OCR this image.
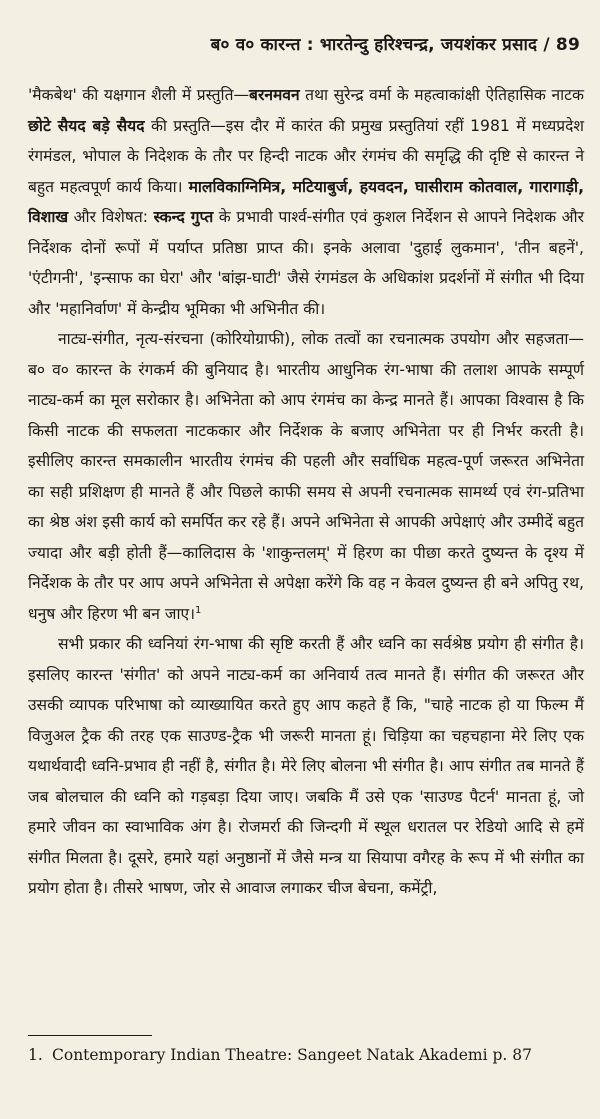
ब० व० कारन्त : भारतेन्दु हरिश्चन्द्र, जयशंकर प्रसाद / 89

'मैकबेथ' की यक्षगान शैली में प्रस्तुति—बरनमवन तथा सुरेन्द्र वर्मा के महत्वाकांक्षी ऐतिहासिक नाटक छोटे सैयद बड़े सैयद की प्रस्तुति—इस दौर में कारंत की प्रमुख प्रस्तुतियां रहीं 1981 में मध्यप्रदेश रंगमंडल, भोपाल के निदेशक के तौर पर हिन्दी नाटक और रंगमंच की समृद्धि की दृष्टि से कारन्त ने बहुत महत्वपूर्ण कार्य किया। मालविकाग्निमित्र, मटियाबुर्ज, हयवदन, घासीराम कोतवाल, गारागाड़ी, विशाख और विशेषत: स्कन्द गुप्त के प्रभावी पार्श्व-संगीत एवं कुशल निर्देशन से आपने निदेशक और निर्देशक दोनों रूपों में पर्याप्त प्रतिष्ठा प्राप्त की। इनके अलावा 'दुहाई लुकमान', 'तीन बहनें', 'एंटीगनी', 'इन्साफ का घेरा' और 'बांझ-घाटी' जैसे रंगमंडल के अधिकांश प्रदर्शनों में संगीत भी दिया और 'महानिर्वाण' में केन्द्रीय भूमिका भी अभिनीत की।

नाट्य-संगीत, नृत्य-संरचना (कोरियोग्राफी), लोक तत्वों का रचनात्मक उपयोग और सहजता—ब० व० कारन्त के रंगकर्म की बुनियाद है। भारतीय आधुनिक रंग-भाषा की तलाश आपके सम्पूर्ण नाट्य-कर्म का मूल सरोकार है। अभिनेता को आप रंगमंच का केन्द्र मानते हैं। आपका विश्वास है कि किसी नाटक की सफलता नाटककार और निर्देशक के बजाए अभिनेता पर ही निर्भर करती है। इसीलिए कारन्त समकालीन भारतीय रंगमंच की पहली और सर्वाधिक महत्व-पूर्ण जरूरत अभिनेता का सही प्रशिक्षण ही मानते हैं और पिछले काफी समय से अपनी रचनात्मक सामर्थ्य एवं रंग-प्रतिभा का श्रेष्ठ अंश इसी कार्य को समर्पित कर रहे हैं। अपने अभिनेता से आपकी अपेक्षाएं और उम्मीदें बहुत ज्यादा और बड़ी होती हैं—कालिदास के 'शाकुन्तलम्' में हिरण का पीछा करते दुष्यन्त के दृश्य में निर्देशक के तौर पर आप अपने अभिनेता से अपेक्षा करेंगे कि वह न केवल दुष्यन्त ही बने अपितु रथ, धनुष और हिरण भी बन जाए।$^1$

सभी प्रकार की ध्वनियां रंग-भाषा की सृष्टि करती हैं और ध्वनि का सर्वश्रेष्ठ प्रयोग ही संगीत है। इसलिए कारन्त 'संगीत' को अपने नाट्य-कर्म का अनिवार्य तत्व मानते हैं। संगीत की जरूरत और उसकी व्यापक परिभाषा को व्याख्यायित करते हुए आप कहते हैं कि, "चाहे नाटक हो या फिल्म मैं विजुअल ट्रैक की तरह एक साउण्ड-ट्रैक भी जरूरी मानता हूं। चिड़िया का चहचहाना मेरे लिए एक यथार्थवादी ध्वनि-प्रभाव ही नहीं है, संगीत है। मेरे लिए बोलना भी संगीत है। आप संगीत तब मानते हैं जब बोलचाल की ध्वनि को गड़बड़ा दिया जाए। जबकि मैं उसे एक 'साउण्ड पैटर्न' मानता हूं, जो हमारे जीवन का स्वाभाविक अंग है। रोजमर्रा की जिन्दगी में स्थूल धरातल पर रेडियो आदि से हमें संगीत मिलता है। दूसरे, हमारे यहां अनुष्ठानों में जैसे मन्त्र या सियापा वगैरह के रूप में भी संगीत का प्रयोग होता है। तीसरे भाषण, जोर से आवाज लगाकर चीज बेचना, कमेंट्री,

1. Contemporary Indian Theatre: Sangeet Natak Akademi p. 87
